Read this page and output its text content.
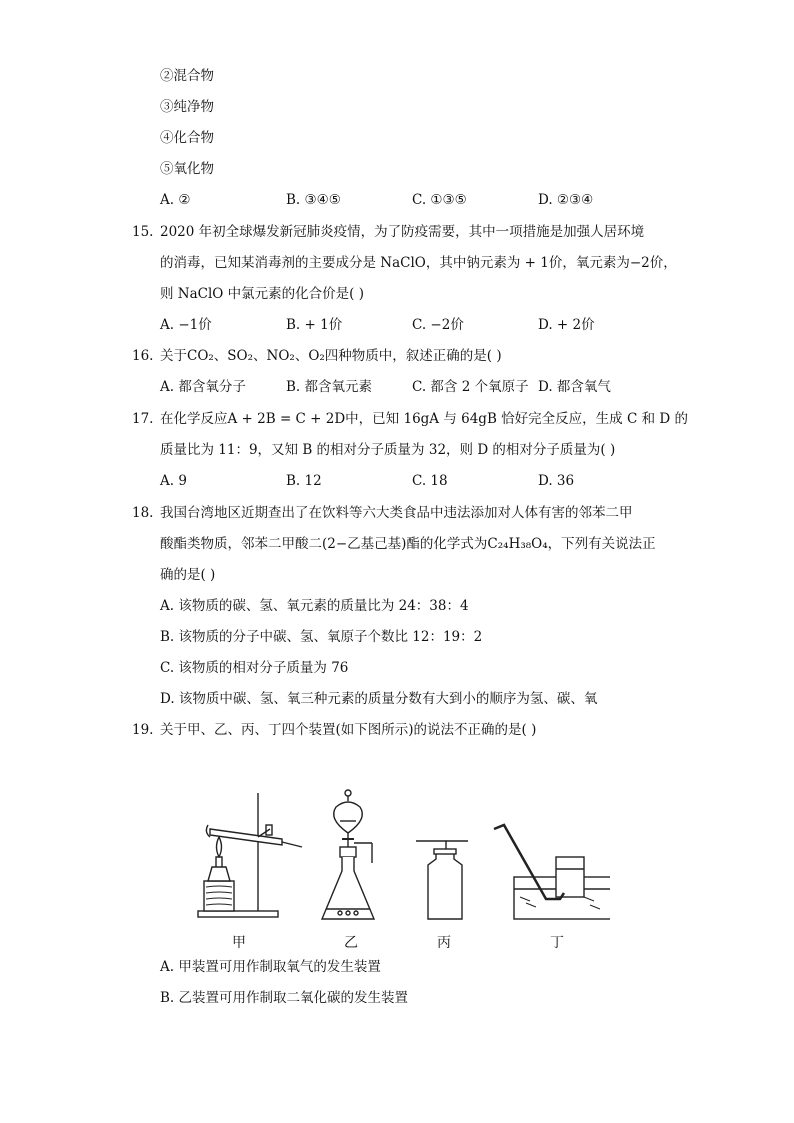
②混合物
③纯净物
④化合物
⑤氧化物
A. ②	B. ③④⑤	C. ①③⑤	D. ②③④
15. 2020 年初全球爆发新冠肺炎疫情，为了防疫需要，其中一项措施是加强人居环境
的消毒，已知某消毒剂的主要成分是 NaClO，其中钠元素为 + 1价，氧元素为−2价，
则 NaClO 中氯元素的化合价是( )
A. −1价	B. + 1价	C. −2价	D. + 2价
16. 关于CO₂、SO₂、NO₂、O₂四种物质中，叙述正确的是( )
A. 都含氧分子	B. 都含氧元素	C. 都含 2 个氧原子 D. 都含氧气
17. 在化学反应A + 2B = C + 2D中，已知 16gA 与 64gB 恰好完全反应，生成 C 和 D 的
质量比为 11：9，又知 B 的相对分子质量为 32，则 D 的相对分子质量为( )
A. 9	B. 12	C. 18	D. 36
18. 我国台湾地区近期查出了在饮料等六大类食品中违法添加对人体有害的邻苯二甲
酸酯类物质，邻苯二甲酸二(2−乙基己基)酯的化学式为C₂₄H₃₈O₄，下列有关说法正
确的是( )
A. 该物质的碳、氢、氧元素的质量比为 24：38：4
B. 该物质的分子中碳、氢、氧原子个数比 12：19：2
C. 该物质的相对分子质量为 76
D. 该物质中碳、氢、氧三种元素的质量分数有大到小的顺序为氢、碳、氧
19. 关于甲、乙、丙、丁四个装置(如下图所示)的说法不正确的是( )
甲	乙	丙	丁
A. 甲装置可用作制取氧气的发生装置
B. 乙装置可用作制取二氧化碳的发生装置
